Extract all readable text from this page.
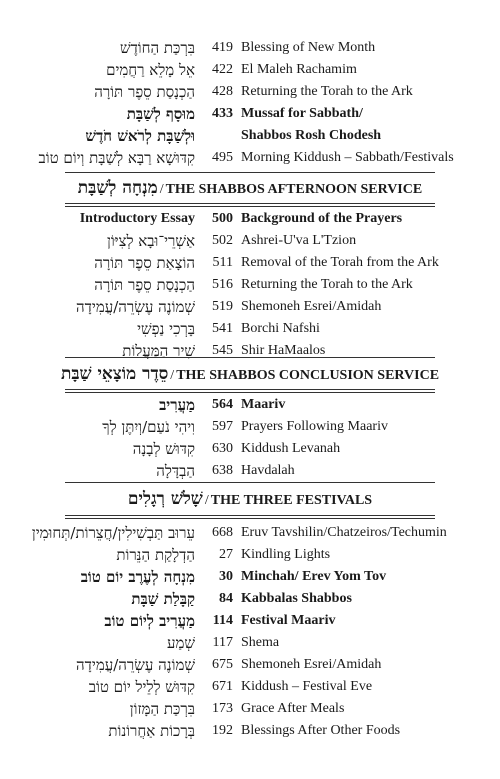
בִּרְכַּת הַחוֹדֶשׁ	419 Blessing of New Month
אֵל מָלֵא רַחֲמִים	422 El Maleh Rachamim
הַכְנָסַת סֵפֶר תּוֹרָה	428 Returning the Torah to the Ark
מוּסָף לְשַׁבָּת	433 Mussaf for Sabbath/
וּלְשַׁבָּת לְרֹאשׁ חֹדֶשׁ	Shabbos Rosh Chodesh
קִדּוּשָׁא רַבָּא לְשַׁבָּת וְיוֹם טוֹב	495 Morning Kiddush – Sabbath/Festivals
מִנְחָה לְשַׁבָּת / THE SHABBOS AFTERNOON SERVICE
Introductory Essay	500 Background of the Prayers
אַשְׁרֵי־וּבָא לְצִיּוֹן	502 Ashrei-U'va L'Tzion
הוֹצָאַת סֵפֶר תּוֹרָה	511 Removal of the Torah from the Ark
הַכְנָסַת סֵפֶר תּוֹרָה	516 Returning the Torah to the Ark
שְׁמוֹנֶה עֶשְׂרֵה/עֲמִידָה	519 Shemoneh Esrei/Amidah
בָּרְכִי נַפְשִׁי	541 Borchi Nafshi
שִׁיר הַמַּעֲלוֹת	545 Shir HaMaalos
סֵדֶר מוֹצָאֵי שַׁבָּת / THE SHABBOS CONCLUSION SERVICE
מַעֲרִיב	564 Maariv
וִיהִי נֹעַם/וְיִתֶּן לְךָ	597 Prayers Following Maariv
קִדּוּשׁ לְבָנָה	630 Kiddush Levanah
הַבְדָּלָה	638 Havdalah
שָׁלֹשׁ רְגָלִים / THE THREE FESTIVALS
עֵרוּב תַּבְשִׁילִין/חֲצֵרוֹת/תְּחוּמִין	668 Eruv Tavshilin/Chatzeiros/Techumin
הַדְלָקַת הַנֵּרוֹת	27 Kindling Lights
מִנְחָה לְעֶרֶב יוֹם טוֹב	30 Minchah/ Erev Yom Tov
קַבָּלַת שַׁבָּת	84 Kabbalas Shabbos
מַעֲרִיב לְיוֹם טוֹב	114 Festival Maariv
שְׁמַע	117 Shema
שְׁמוֹנֶה עֶשְׂרֵה/עֲמִידָה	675 Shemoneh Esrei/Amidah
קִדּוּשׁ לְלֵיל יוֹם טוֹב	671 Kiddush – Festival Eve
בִּרְכַּת הַמָּזוֹן	173 Grace After Meals
בְּרָכוֹת אַחֲרוֹנוֹת	192 Blessings After Other Foods
